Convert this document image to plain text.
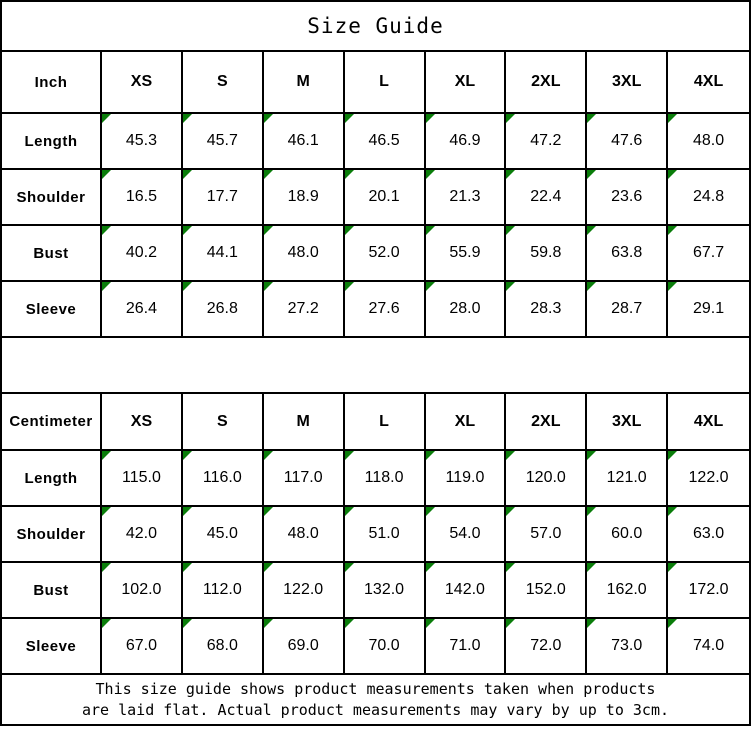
Size Guide
Inch	XS	S	M	L	XL	2XL	3XL	4XL
Length	45.3	45.7	46.1	46.5	46.9	47.2	47.6	48.0
Shoulder	16.5	17.7	18.9	20.1	21.3	22.4	23.6	24.8
Bust	40.2	44.1	48.0	52.0	55.9	59.8	63.8	67.7
Sleeve	26.4	26.8	27.2	27.6	28.0	28.3	28.7	29.1
Centimeter	XS	S	M	L	XL	2XL	3XL	4XL
Length	115.0	116.0	117.0	118.0	119.0	120.0	121.0	122.0
Shoulder	42.0	45.0	48.0	51.0	54.0	57.0	60.0	63.0
Bust	102.0	112.0	122.0	132.0	142.0	152.0	162.0	172.0
Sleeve	67.0	68.0	69.0	70.0	71.0	72.0	73.0	74.0
This size guide shows product measurements taken when products
are laid flat. Actual product measurements may vary by up to 3cm.
